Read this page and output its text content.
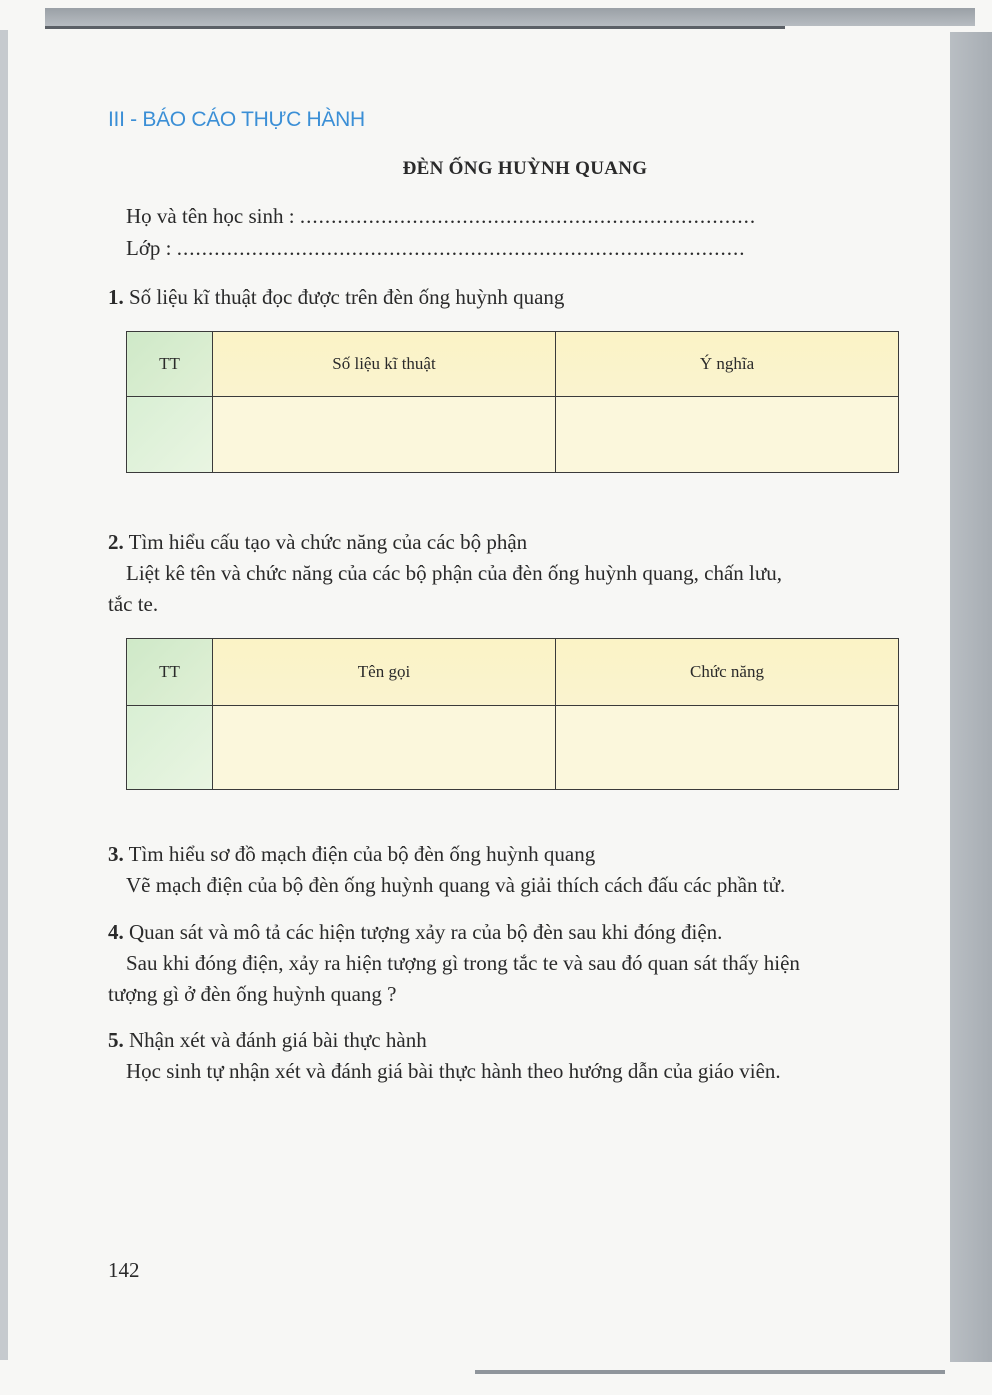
III - BÁO CÁO THỰC HÀNH
ĐÈN ỐNG HUỲNH QUANG
Họ và tên học sinh : .........................................................................
Lớp : ...........................................................................................
1. Số liệu kĩ thuật đọc được trên đèn ống huỳnh quang
TT	Số liệu kĩ thuật	Ý nghĩa

2. Tìm hiểu cấu tạo và chức năng của các bộ phận
Liệt kê tên và chức năng của các bộ phận của đèn ống huỳnh quang, chấn lưu,
tắc te.
TT	Tên gọi	Chức năng

3. Tìm hiểu sơ đồ mạch điện của bộ đèn ống huỳnh quang
Vẽ mạch điện của bộ đèn ống huỳnh quang và giải thích cách đấu các phần tử.
4. Quan sát và mô tả các hiện tượng xảy ra của bộ đèn sau khi đóng điện.
Sau khi đóng điện, xảy ra hiện tượng gì trong tắc te và sau đó quan sát thấy hiện
tượng gì ở đèn ống huỳnh quang ?
5. Nhận xét và đánh giá bài thực hành
Học sinh tự nhận xét và đánh giá bài thực hành theo hướng dẫn của giáo viên.
142
